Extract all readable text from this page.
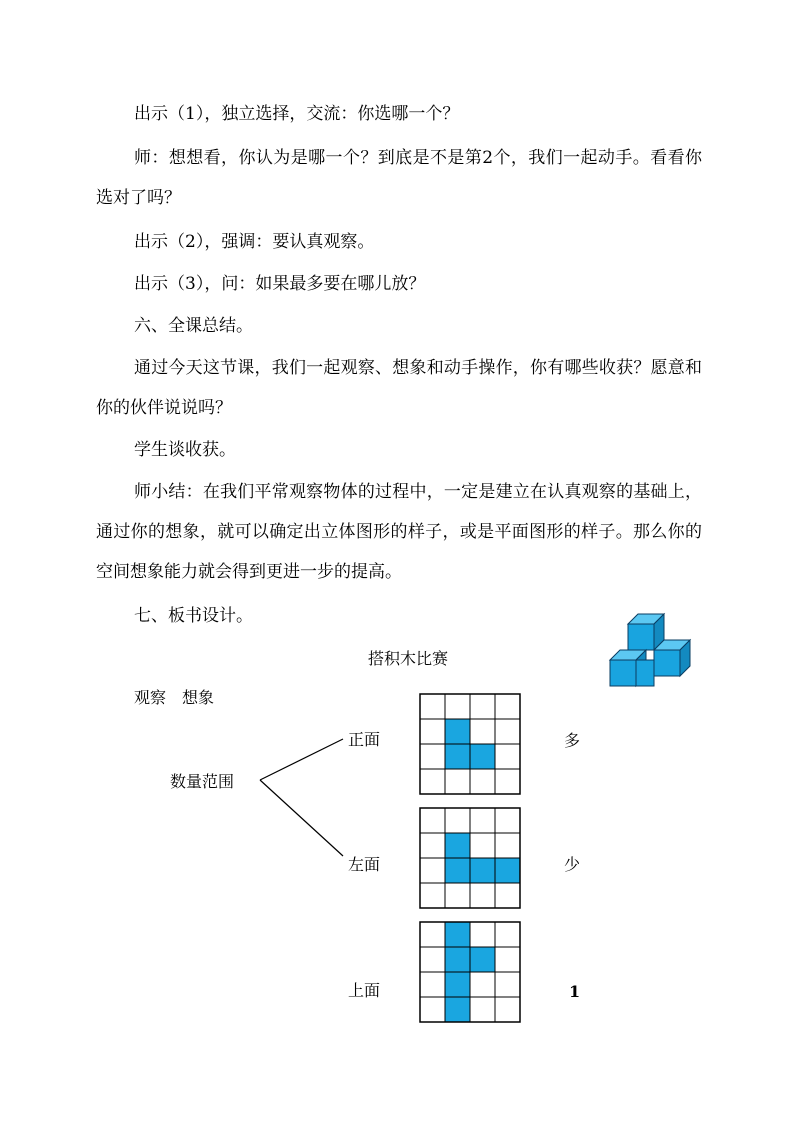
出示（1），独立选择，交流：你选哪一个？

师：想想看，你认为是哪一个？到底是不是第2个，我们一起动手。看看你选对了吗？

出示（2），强调：要认真观察。

出示（3），问：如果最多要在哪儿放？

六、全课总结。

通过今天这节课，我们一起观察、想象和动手操作，你有哪些收获？愿意和你的伙伴说说吗？

学生谈收获。

师小结：在我们平常观察物体的过程中，一定是建立在认真观察的基础上，通过你的想象，就可以确定出立体图形的样子，或是平面图形的样子。那么你的空间想象能力就会得到更进一步的提高。

七、板书设计。

搭积木比赛
观察　想象
数量范围
正面	多
左面	少
上面	1
